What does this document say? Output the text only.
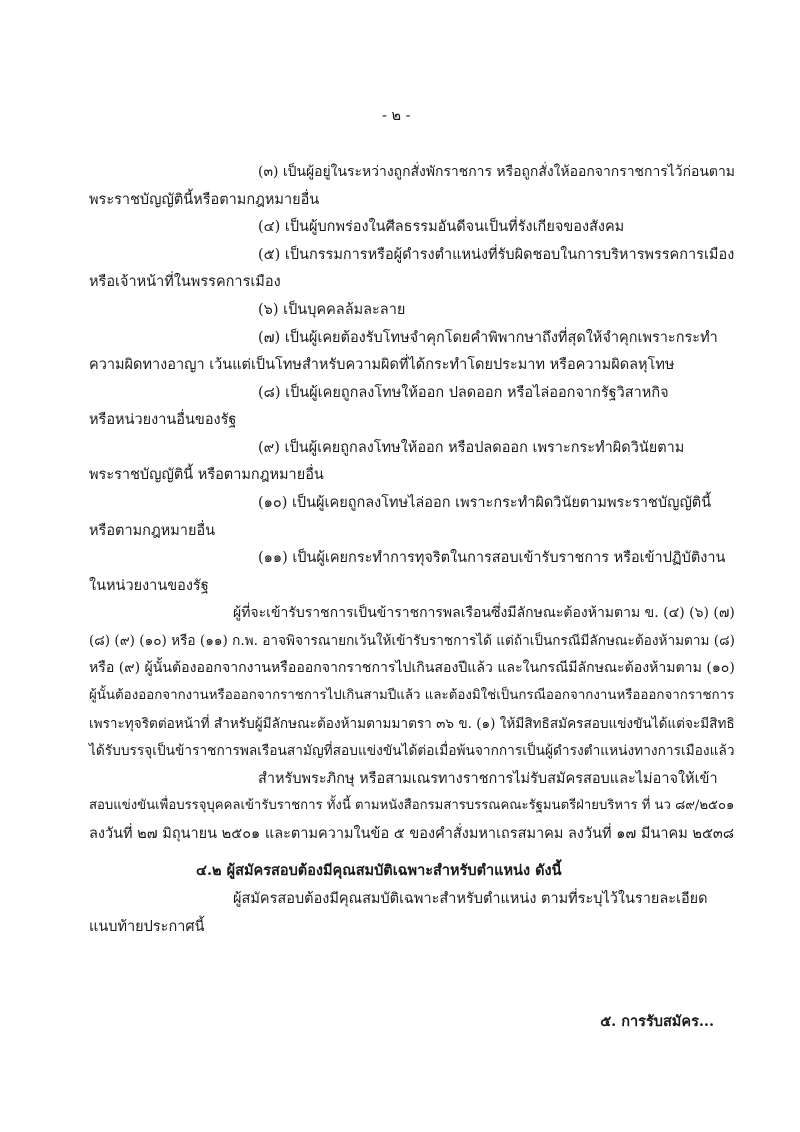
- ๒ -
(๓) เป็นผู้อยู่ในระหว่างถูกสั่งพักราชการ หรือถูกสั่งให้ออกจากราชการไว้ก่อนตาม
พระราชบัญญัตินี้หรือตามกฎหมายอื่น
(๔) เป็นผู้บกพร่องในศีลธรรมอันดีจนเป็นที่รังเกียจของสังคม
(๕) เป็นกรรมการหรือผู้ดำรงตำแหน่งที่รับผิดชอบในการบริหารพรรคการเมือง
หรือเจ้าหน้าที่ในพรรคการเมือง
(๖) เป็นบุคคลล้มละลาย
(๗) เป็นผู้เคยต้องรับโทษจำคุกโดยคำพิพากษาถึงที่สุดให้จำคุกเพราะกระทำ
ความผิดทางอาญา เว้นแต่เป็นโทษสำหรับความผิดที่ได้กระทำโดยประมาท หรือความผิดลหุโทษ
(๘) เป็นผู้เคยถูกลงโทษให้ออก ปลดออก หรือไล่ออกจากรัฐวิสาหกิจ
หรือหน่วยงานอื่นของรัฐ
(๙) เป็นผู้เคยถูกลงโทษให้ออก หรือปลดออก เพราะกระทำผิดวินัยตาม
พระราชบัญญัตินี้ หรือตามกฎหมายอื่น
(๑๐) เป็นผู้เคยถูกลงโทษไล่ออก เพราะกระทำผิดวินัยตามพระราชบัญญัตินี้
หรือตามกฎหมายอื่น
(๑๑) เป็นผู้เคยกระทำการทุจริตในการสอบเข้ารับราชการ หรือเข้าปฏิบัติงาน
ในหน่วยงานของรัฐ
ผู้ที่จะเข้ารับราชการเป็นข้าราชการพลเรือนซึ่งมีลักษณะต้องห้ามตาม ข. (๔) (๖) (๗)
(๘) (๙) (๑๐) หรือ (๑๑) ก.พ. อาจพิจารณายกเว้นให้เข้ารับราชการได้ แต่ถ้าเป็นกรณีมีลักษณะต้องห้ามตาม (๘)
หรือ (๙) ผู้นั้นต้องออกจากงานหรือออกจากราชการไปเกินสองปีแล้ว และในกรณีมีลักษณะต้องห้ามตาม (๑๐)
ผู้นั้นต้องออกจากงานหรือออกจากราชการไปเกินสามปีแล้ว และต้องมิใช่เป็นกรณีออกจากงานหรือออกจากราชการ
เพราะทุจริตต่อหน้าที่ สำหรับผู้มีลักษณะต้องห้ามตามมาตรา ๓๖ ข. (๑) ให้มีสิทธิสมัครสอบแข่งขันได้แต่จะมีสิทธิ
ได้รับบรรจุเป็นข้าราชการพลเรือนสามัญที่สอบแข่งขันได้ต่อเมื่อพ้นจากการเป็นผู้ดำรงตำแหน่งทางการเมืองแล้ว
สำหรับพระภิกษุ หรือสามเณรทางราชการไม่รับสมัครสอบและไม่อาจให้เข้า
สอบแข่งขันเพื่อบรรจุบุคคลเข้ารับราชการ ทั้งนี้ ตามหนังสือกรมสารบรรณคณะรัฐมนตรีฝ่ายบริหาร ที่ นว ๘๙/๒๕๐๑
ลงวันที่ ๒๗ มิถุนายน ๒๕๐๑ และตามความในข้อ ๕ ของคำสั่งมหาเถรสมาคม ลงวันที่ ๑๗ มีนาคม ๒๕๓๘
๔.๒ ผู้สมัครสอบต้องมีคุณสมบัติเฉพาะสำหรับตำแหน่ง ดังนี้
ผู้สมัครสอบต้องมีคุณสมบัติเฉพาะสำหรับตำแหน่ง ตามที่ระบุไว้ในรายละเอียด
แนบท้ายประกาศนี้
๕. การรับสมัคร...
